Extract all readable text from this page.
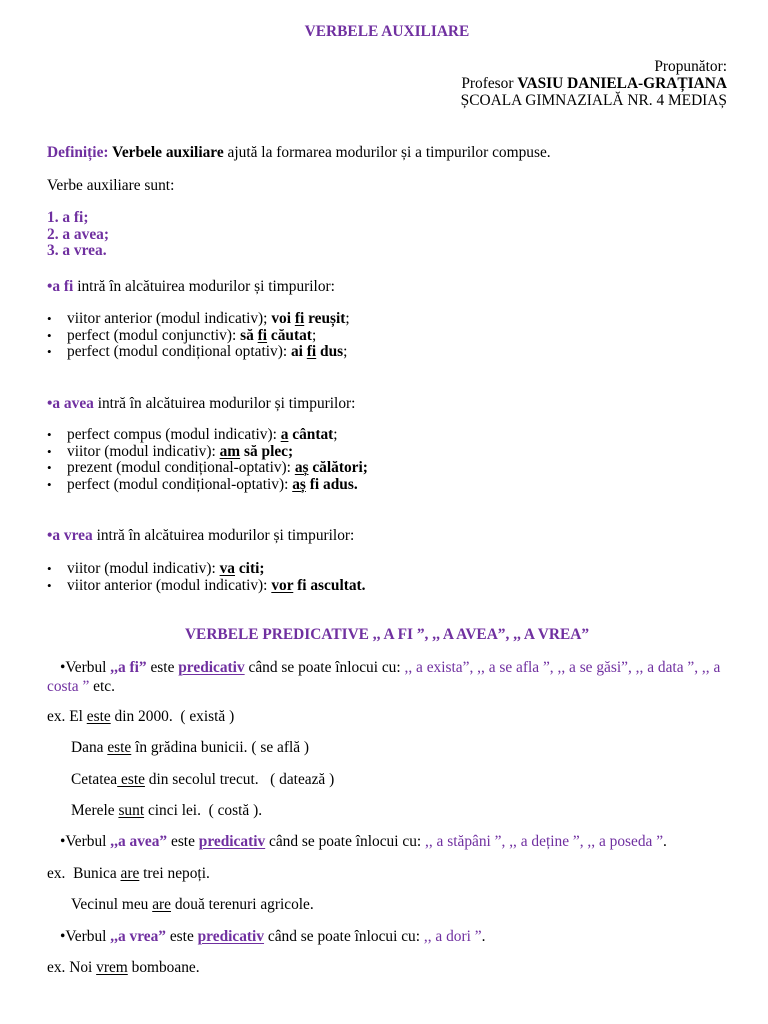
VERBELE AUXILIARE
Propunător:
Profesor VASIU DANIELA-GRAȚIANA
ȘCOALA GIMNAZIALĂ NR. 4 MEDIAȘ
Definiție: Verbele auxiliare ajută la formarea modurilor și a timpurilor compuse.
Verbe auxiliare sunt:
1. a fi;
2. a avea;
3. a vrea.
•a fi intră în alcătuirea modurilor și timpurilor:
• viitor anterior (modul indicativ); voi fi reușit;
• perfect (modul conjunctiv): să fi căutat;
• perfect (modul condițional optativ): ai fi dus;
•a avea intră în alcătuirea modurilor și timpurilor:
• perfect compus (modul indicativ): a cântat;
• viitor (modul indicativ): am să plec;
• prezent (modul condițional-optativ): aș călători;
• perfect (modul condițional-optativ): aș fi adus.
•a vrea intră în alcătuirea modurilor și timpurilor:
• viitor (modul indicativ): va citi;
• viitor anterior (modul indicativ): vor fi ascultat.
VERBELE PREDICATIVE ,, A FI ”, ,, A AVEA”, ,, A VREA”
•Verbul ,,a fi” este predicativ când se poate înlocui cu: ,, a exista”, ,, a se afla ”, ,, a se găsi”, ,, a data ”, ,, a costa ” etc.
ex. El este din 2000.  ( există )
Dana este în grădina bunicii. ( se află )
Cetatea este din secolul trecut.   ( datează )
Merele sunt cinci lei.  ( costă ).
•Verbul ,,a avea” este predicativ când se poate înlocui cu: ,, a stăpâni ”, ,, a deține ”, ,, a poseda ”.
ex.  Bunica are trei nepoți.
Vecinul meu are două terenuri agricole.
•Verbul ,,a vrea” este predicativ când se poate înlocui cu: ,, a dori ”.
ex. Noi vrem bomboane.
